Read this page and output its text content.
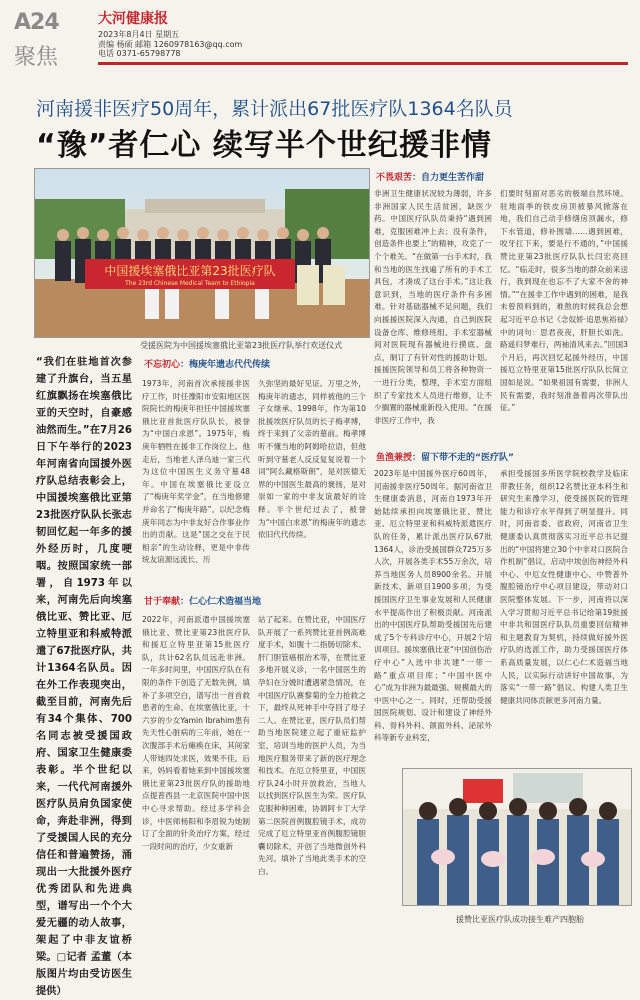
A24
聚焦
大河健康报
2023年8月4日 星期五
责编 杨硕 邮箱 1260978163@qq.com
电话 0371-65798778
河南援非医疗50周年，累计派出67批医疗队1364名队员
“豫”者仁心 续写半个世纪援非情
中国援埃塞俄比亚第23批医疗队
The 23rd Chinese Medical Team to Ethiopia
受援医院为中国援埃塞俄比亚第23批医疗队举行欢送仪式
“我们在驻地首次参建了升旗台，当五星红旗飘扬在埃塞俄比亚的天空时，自豪感油然而生。”在7月26日下午举行的2023年河南省向国援外医疗队总结表彰会上，中国援埃塞俄比亚第23批医疗队队长张志韧回忆起一年多的援外经历时，几度哽咽。按照国家统一部署，自1973年以来，河南先后向埃塞俄比亚、赞比亚、厄立特里亚和科威特派遣了67批医疗队，共计1364名队员。因在外工作表现突出，截至目前，河南先后有34个集体、700名同志被受援国政府、国家卫生健康委表彰。半个世纪以来，一代代河南援外医疗队员肩负国家使命，奔赴非洲，得到了受援国人民的充分信任和普遍赞扬，涌现出一大批援外医疗优秀团队和先进典型，谱写出一个个大爱无疆的动人故事，架起了中非友谊桥梁。□记者 孟董（本版图片均由受访医生提供）
不忘初心：梅庚年遗志代代传续
1973年，河南首次承接援非医疗工作，时任豫阳市安阳地区医院院长的梅庚年担任中国援埃塞俄比亚首批医疗队队长，被誉为“中国白求恩”。1975年，梅庚年牺牲在援非工作岗位上。他走后，当地老人泽乌迪一家三代为这位中国医生义务守墓48年。中国在埃塞俄比亚设立了“梅庚年奖学金”，在当地修建并命名了“梅庚年路”。以纪念梅庚年同志为中非友好合作事业作出的贡献。这是“国之交在于民相亲”的生动诠释，更是中非传统友谊源远流长、历
甘于奉献：仁心仁术造福当地
2022年，河南派遣中国援埃塞俄比亚、赞比亚第23批医疗队和援厄立特里亚第15批医疗队，共计62名队员远赴非洲。一年多时间里，中国医疗队在有限的条件下创造了无数先例，填补了多项空白，谱写出一首首救患者的生命。在埃塞俄比亚，十六岁的少女Yamin Ibrahim患有先天性心脏病的三年前，她在一次腹部手术后瘫痪在床，其间家人带她四处求医，效果不佳。后来，妈妈看着她来到中国援埃塞俄比亚第23批医疗队的援助地点提普西县一北京医院中国中医中心寻求帮助。经过多学科会诊，中医师杨阳和李眉锐为她制订了全面的针灸治疗方案，经过一段时间的治疗，少女重新
久弥坚的最好见证。万里之外，梅庚年的遗志，同样被他的三个子女继承。1998年，作为第10批援埃医疗队员的长子梅孝博，终于来到了父亲的墓前。梅孝博听不懂当地的阿姆哈拉语，但他听到守墓老人反反复复说着一个词“阿么藏格斯朗”，是对医德无界的中国医生最高的褒扬，是对崇如一家的中非友谊最好的诠释。半个世纪过去了，被誉为“中国白求恩”的梅庚年的遗志依旧代代传续。
站了起来。在赞比亚，中国医疗队开展了一系列赞比亚首例高难度手术，如腹十二指肠切除术、肝门胆管癌根治术等，在赞比亚多地开展义诊，一名中国医生的孕妇在分娩时遭遇紧急情况，在中国医疗队赛黎菊的全力抢救之下，最终从死神手中夺回了母子二人。在赞比亚，医疗队员们帮助当地医院建立起了重症监护室，培训当地的医护人员，为当地医疗服务带来了新的医疗理念和技术。在厄立特里亚，中国医疗队24小时开放救治，当地人以找到医疗队医生为荣。医疗队克服种种困难，协调阿卡丁大学第二医院首例腹腔镜手术，成功完成了厄立特里亚首例腹腔镜胆囊切除术，开创了当地微创外科先河。填补了当地此类手术的空白。
不畏艰苦：自力更生苦作甜
非洲卫生健康状况较为薄弱，许多非洲国家人民生活贫困，缺医少药。中国医疗队队员秉持“遇到困难，克服困难冲上去；没有条件，创造条件也要上”的精神，攻克了一个个难关。“在做第一台手术时，我和当地的医生找遍了所有的手术工具包，才凑成了这台手术。”这让我意识到，当地的医疗条件有多困难。针对基础器械不足问题，我们向援援医院深入沟通，自己到医院设备仓库、维修班组、手术室器械间对医院现有器械进行摸底、盘点，制订了有针对性的援助计划。援援医院领导和员工将各种物资一一进行分类，整理，手术室方面组织了专家技术人员进行维修，让不少搁置的器械重新投入使用。“在援非医疗工作中，我
鱼渔兼授：留下带不走的“医疗队”
2023年是中国援外医疗60周年，河南援非医疗50周年。据河南省卫生健康委消息，河南自1973年开始陆续承担向埃塞俄比亚、赞比亚、厄立特里亚和科威特派遣医疗队的任务，累计派出医疗队67批1364人，诊治受援国群众725万多人次，开展各类手术55万余次，培养当地医务人员8900余名。开展新技术、新项目1900多项，为受援国医疗卫生事业发展和人民健康水平提高作出了积极贡献。河南派出的中国医疗队帮助受援国先后建成了5个专科诊疗中心，开展2个培训项目。援埃塞俄比亚“中国创伤治疗中心”入选中非共建“一带一路”重点项目库；“中国中医中心”成为非洲为最最强、规模最大的中医中心之一。同时，还帮助受援国医院规划、设计和建设了神经外科、骨科外科、颌面外科、泌尿外科等新专业科室，
们要时刻面对恶劣的极端自然环境。驻地雨季的铁皮房顶被暴风掀落在地，我们自己动手修缮房顶漏水，修下水管道，修补围墙……遇到困难，咬牙扛下来，要是行不通的，”中国援赞比亚第23批医疗队队长闫宏亮回忆。“临走时，很多当地的群众前来送行，我到现在也忘不了大家不舍的神情。”“在援非工作中遇到的困难，是我未曾预料到的，难熬的时候我总会想起习近平总书记《念奴娇·追思焦裕禄》中的词句：思君夜夜，肝胆长如洗。路遥归梦难行，两袖清风来去。”回国3个月后，再次回忆起援外经历，中国援厄立特里亚第15批医疗队队长简立国如是说。“如果祖国有需要，非洲人民有需要，我时刻准备着再次带队出征。”
承担受援国多所医学院校教学及临床带教任务，组织12名赞比亚本科生和研究生来豫学习，使受援医院的管理能力和诊疗水平得到了明显提升。同时，河南省委、省政府，河南省卫生健康委认真贯彻落实习近平总书记提出的“中国将建立30个中非对口医院合作机制”倡议，启动中埃创伤神经外科中心、中厄女性健康中心、中赞普外腹腔镜治疗中心项目建设，带动对口医院整体发展。下一步，河南将以深入学习贯彻习近平总书记给第19批援中非共和国医疗队队员重要回信精神和主题教育为契机，持续做好援外医疗队的选派工作，助力受援国医疗体系高质量发展，以仁心仁术造福当地人民，以实际行动讲好中国故事，为落实“一带一路”倡议、构建人类卫生健康共同体贡献更多河南力量。
援赞比亚医疗队成功接生难产四胞胎
